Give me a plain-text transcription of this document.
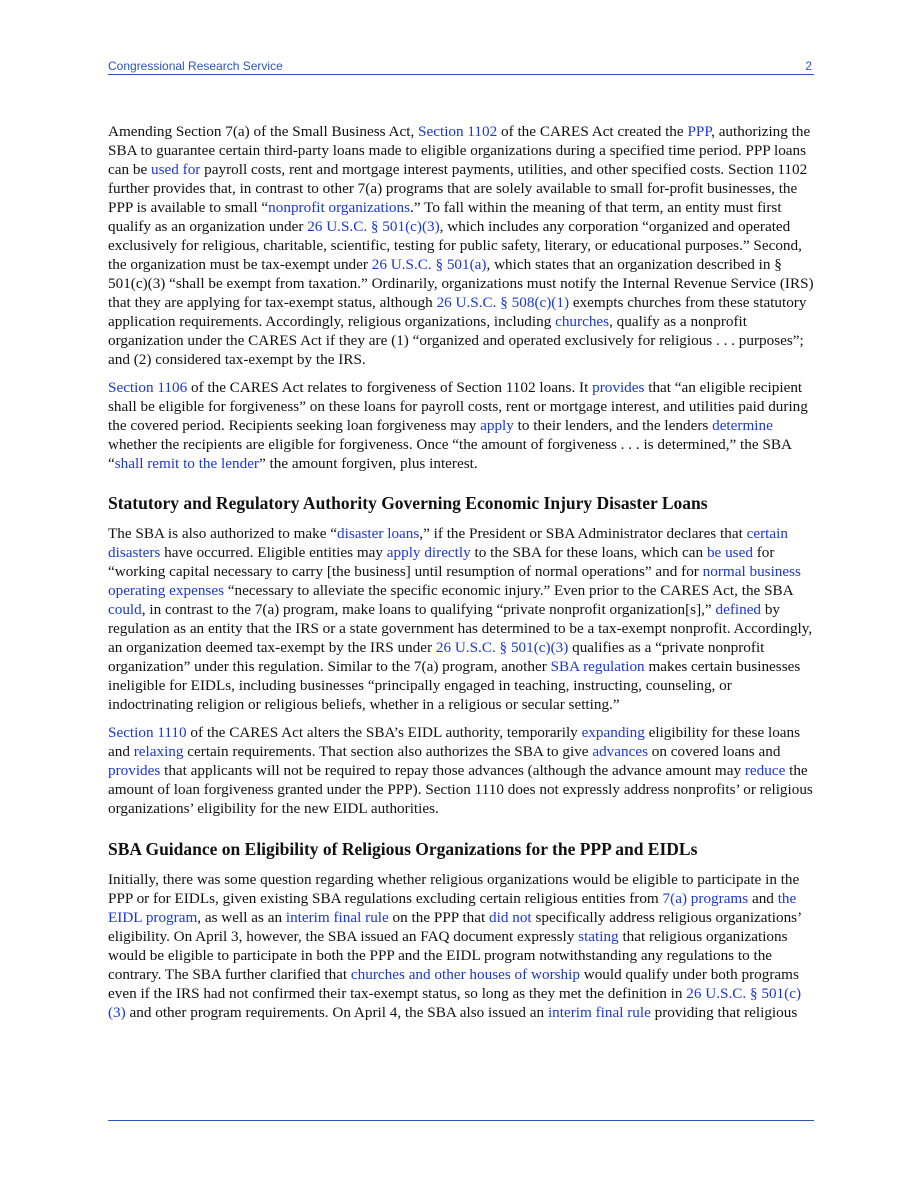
Congressional Research Service	2

Amending Section 7(a) of the Small Business Act, Section 1102 of the CARES Act created the PPP, authorizing the SBA to guarantee certain third-party loans made to eligible organizations during a specified time period. PPP loans can be used for payroll costs, rent and mortgage interest payments, utilities, and other specified costs. Section 1102 further provides that, in contrast to other 7(a) programs that are solely available to small for-profit businesses, the PPP is available to small “nonprofit organizations.” To fall within the meaning of that term, an entity must first qualify as an organization under 26 U.S.C. § 501(c)(3), which includes any corporation “organized and operated exclusively for religious, charitable, scientific, testing for public safety, literary, or educational purposes.” Second, the organization must be tax-exempt under 26 U.S.C. § 501(a), which states that an organization described in § 501(c)(3) “shall be exempt from taxation.” Ordinarily, organizations must notify the Internal Revenue Service (IRS) that they are applying for tax-exempt status, although 26 U.S.C. § 508(c)(1) exempts churches from these statutory application requirements. Accordingly, religious organizations, including churches, qualify as a nonprofit organization under the CARES Act if they are (1) “organized and operated exclusively for religious . . . purposes”; and (2) considered tax-exempt by the IRS.

Section 1106 of the CARES Act relates to forgiveness of Section 1102 loans. It provides that “an eligible recipient shall be eligible for forgiveness” on these loans for payroll costs, rent or mortgage interest, and utilities paid during the covered period. Recipients seeking loan forgiveness may apply to their lenders, and the lenders determine whether the recipients are eligible for forgiveness. Once “the amount of forgiveness . . . is determined,” the SBA “shall remit to the lender” the amount forgiven, plus interest.

Statutory and Regulatory Authority Governing Economic Injury Disaster Loans

The SBA is also authorized to make “disaster loans,” if the President or SBA Administrator declares that certain disasters have occurred. Eligible entities may apply directly to the SBA for these loans, which can be used for “working capital necessary to carry [the business] until resumption of normal operations” and for normal business operating expenses “necessary to alleviate the specific economic injury.” Even prior to the CARES Act, the SBA could, in contrast to the 7(a) program, make loans to qualifying “private nonprofit organization[s],” defined by regulation as an entity that the IRS or a state government has determined to be a tax-exempt nonprofit. Accordingly, an organization deemed tax-exempt by the IRS under 26 U.S.C. § 501(c)(3) qualifies as a “private nonprofit organization” under this regulation. Similar to the 7(a) program, another SBA regulation makes certain businesses ineligible for EIDLs, including businesses “principally engaged in teaching, instructing, counseling, or indoctrinating religion or religious beliefs, whether in a religious or secular setting.”

Section 1110 of the CARES Act alters the SBA’s EIDL authority, temporarily expanding eligibility for these loans and relaxing certain requirements. That section also authorizes the SBA to give advances on covered loans and provides that applicants will not be required to repay those advances (although the advance amount may reduce the amount of loan forgiveness granted under the PPP). Section 1110 does not expressly address nonprofits’ or religious organizations’ eligibility for the new EIDL authorities.

SBA Guidance on Eligibility of Religious Organizations for the PPP and EIDLs

Initially, there was some question regarding whether religious organizations would be eligible to participate in the PPP or for EIDLs, given existing SBA regulations excluding certain religious entities from 7(a) programs and the EIDL program, as well as an interim final rule on the PPP that did not specifically address religious organizations’ eligibility. On April 3, however, the SBA issued an FAQ document expressly stating that religious organizations would be eligible to participate in both the PPP and the EIDL program notwithstanding any regulations to the contrary. The SBA further clarified that churches and other houses of worship would qualify under both programs even if the IRS had not confirmed their tax-exempt status, so long as they met the definition in 26 U.S.C. § 501(c)(3) and other program requirements. On April 4, the SBA also issued an interim final rule providing that religious
